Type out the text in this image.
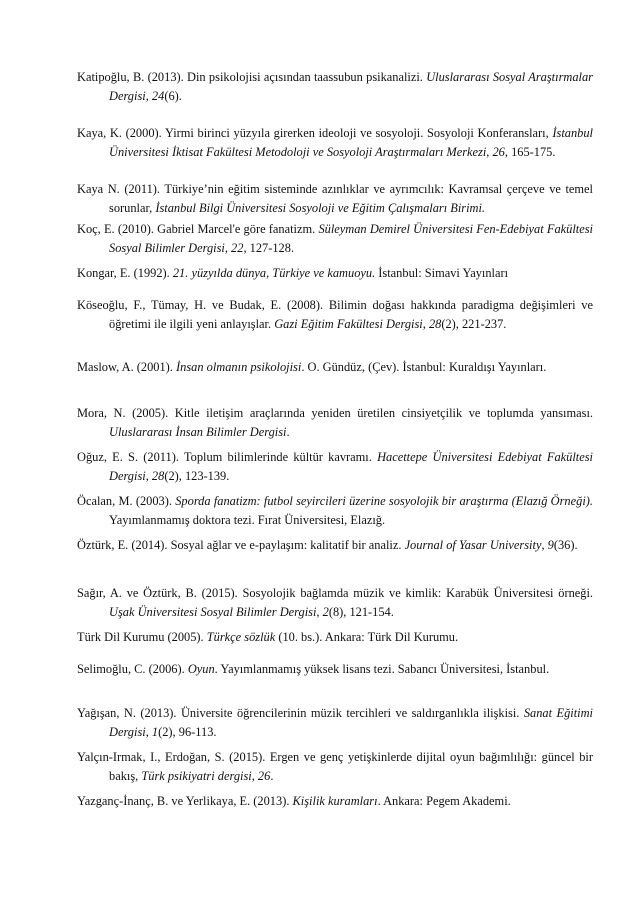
Katipoğlu, B. (2013). Din psikolojisi açısından taassubun psikanalizi. Uluslararası Sosyal Araştırmalar Dergisi, 24(6).
Kaya, K. (2000). Yirmi birinci yüzyıla girerken ideoloji ve sosyoloji. Sosyoloji Konferansları, İstanbul Üniversitesi İktisat Fakültesi Metodoloji ve Sosyoloji Araştırmaları Merkezi, 26, 165-175.
Kaya N. (2011). Türkiye’nin eğitim sisteminde azınlıklar ve ayrımcılık: Kavramsal çerçeve ve temel sorunlar, İstanbul Bilgi Üniversitesi Sosyoloji ve Eğitim Çalışmaları Birimi.
Koç, E. (2010). Gabriel Marcel'e göre fanatizm. Süleyman Demirel Üniversitesi Fen-Edebiyat Fakültesi Sosyal Bilimler Dergisi, 22, 127-128.
Kongar, E. (1992). 21. yüzyılda dünya, Türkiye ve kamuoyu. İstanbul: Simavi Yayınları
Köseoğlu, F., Tümay, H. ve Budak, E. (2008). Bilimin doğası hakkında paradigma değişimleri ve öğretimi ile ilgili yeni anlayışlar. Gazi Eğitim Fakültesi Dergisi, 28(2), 221-237.
Maslow, A. (2001). İnsan olmanın psikolojisi. O. Gündüz, (Çev). İstanbul: Kuraldışı Yayınları.
Mora, N. (2005). Kitle iletişim araçlarında yeniden üretilen cinsiyetçilik ve toplumda yansıması. Uluslararası İnsan Bilimler Dergisi.
Oğuz, E. S. (2011). Toplum bilimlerinde kültür kavramı. Hacettepe Üniversitesi Edebiyat Fakültesi Dergisi, 28(2), 123-139.
Öcalan, M. (2003). Sporda fanatizm: futbol seyircileri üzerine sosyolojik bir araştırma (Elazığ Örneği). Yayımlanmamış doktora tezi. Fırat Üniversitesi, Elazığ.
Öztürk, E. (2014). Sosyal ağlar ve e-paylaşım: kalitatif bir analiz. Journal of Yasar University, 9(36).
Sağır, A. ve Öztürk, B. (2015). Sosyolojik bağlamda müzik ve kimlik: Karabük Üniversitesi örneği. Uşak Üniversitesi Sosyal Bilimler Dergisi, 2(8), 121-154.
Türk Dil Kurumu (2005). Türkçe sözlük (10. bs.). Ankara: Türk Dil Kurumu.
Selimoğlu, C. (2006). Oyun. Yayımlanmamış yüksek lisans tezi. Sabancı Üniversitesi, İstanbul.
Yağışan, N. (2013). Üniversite öğrencilerinin müzik tercihleri ve saldırganlıkla ilişkisi. Sanat Eğitimi Dergisi, 1(2), 96-113.
Yalçın-Irmak, I., Erdoğan, S. (2015). Ergen ve genç yetişkinlerde dijital oyun bağımlılığı: güncel bir bakış, Türk psikiyatri dergisi, 26.
Yazganç-İnanç, B. ve Yerlikaya, E. (2013). Kişilik kuramları. Ankara: Pegem Akademi.
